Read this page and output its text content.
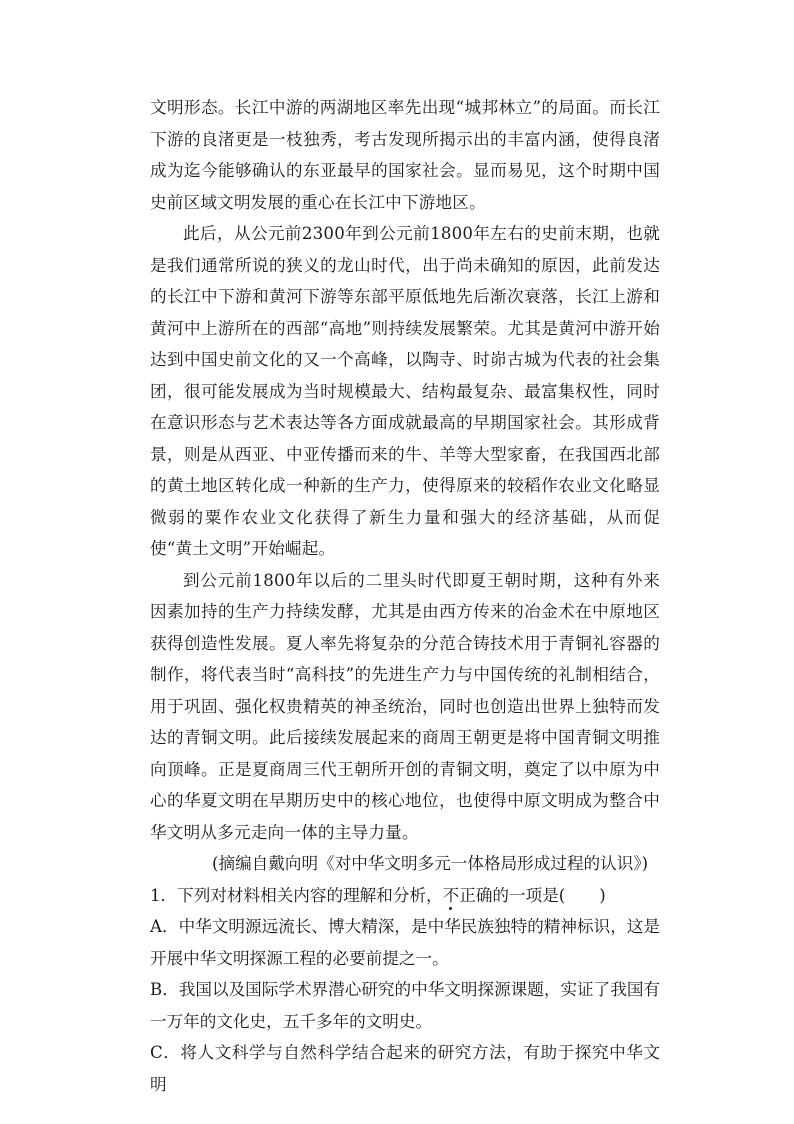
文明形态。长江中游的两湖地区率先出现“城邦林立”的局面。而长江下游的良渚更是一枝独秀，考古发现所揭示出的丰富内涵，使得良渚成为迄今能够确认的东亚最早的国家社会。显而易见，这个时期中国史前区域文明发展的重心在长江中下游地区。

此后，从公元前2300年到公元前1800年左右的史前末期，也就是我们通常所说的狭义的龙山时代，出于尚未确知的原因，此前发达的长江中下游和黄河下游等东部平原低地先后渐次衰落，长江上游和黄河中上游所在的西部“高地”则持续发展繁荣。尤其是黄河中游开始达到中国史前文化的又一个高峰，以陶寺、时峁古城为代表的社会集团，很可能发展成为当时规模最大、结构最复杂、最富集权性，同时在意识形态与艺术表达等各方面成就最高的早期国家社会。其形成背景，则是从西亚、中亚传播而来的牛、羊等大型家畜，在我国西北部的黄土地区转化成一种新的生产力，使得原来的较稻作农业文化略显微弱的粟作农业文化获得了新生力量和强大的经济基础，从而促使“黄土文明”开始崛起。

到公元前1800年以后的二里头时代即夏王朝时期，这种有外来因素加持的生产力持续发酵，尤其是由西方传来的冶金术在中原地区获得创造性发展。夏人率先将复杂的分范合铸技术用于青铜礼容器的制作，将代表当时“高科技”的先进生产力与中国传统的礼制相结合，用于巩固、强化权贵精英的神圣统治，同时也创造出世界上独特而发达的青铜文明。此后接续发展起来的商周王朝更是将中国青铜文明推向顶峰。正是夏商周三代王朝所开创的青铜文明，奠定了以中原为中心的华夏文明在早期历史中的核心地位，也使得中原文明成为整合中华文明从多元走向一体的主导力量。

(摘编自戴向明《对中华文明多元一体格局形成过程的认识》)

1．下列对材料相关内容的理解和分析，不正确的一项是( )

A．中华文明源远流长、博大精深，是中华民族独特的精神标识，这是开展中华文明探源工程的必要前提之一。

B．我国以及国际学术界潜心研究的中华文明探源课题，实证了我国有一万年的文化史，五千多年的文明史。

C．将人文科学与自然科学结合起来的研究方法，有助于探究中华文明
